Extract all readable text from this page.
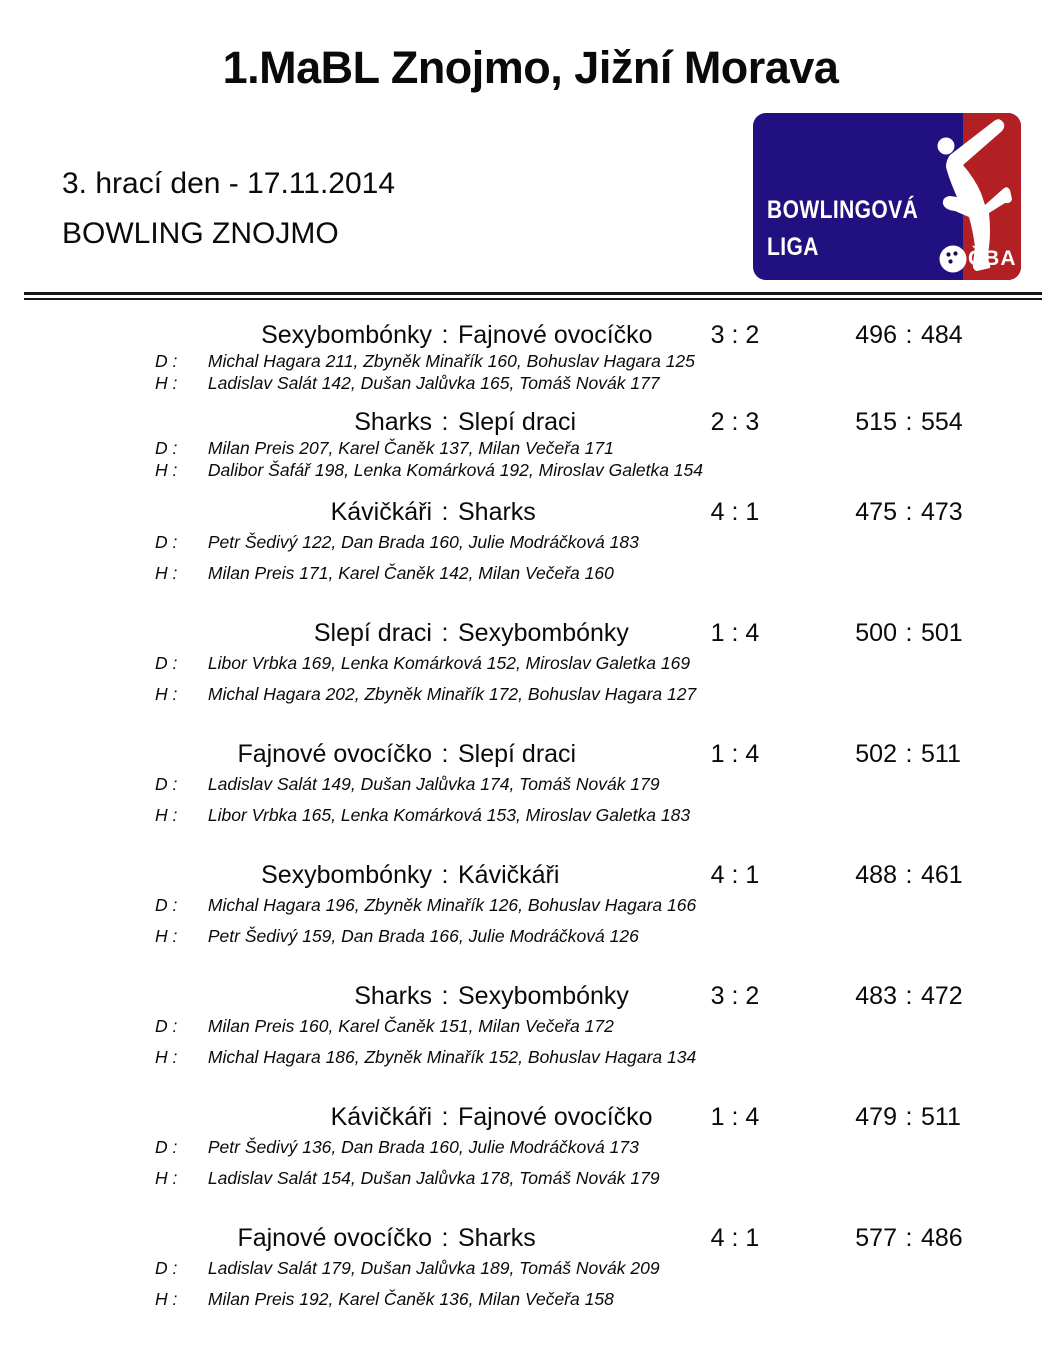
1.MaBL Znojmo, Jižní Morava
BOWLINGOVÁ
LIGA	ČBA
3. hrací den - 17.11.2014
BOWLING ZNOJMO
Sexybombónky : Fajnové ovocíčko	3 : 2	496 : 484
D : Michal Hagara 211, Zbyněk Minařík 160, Bohuslav Hagara 125
H : Ladislav Salát 142, Dušan Jalůvka 165, Tomáš Novák 177
Sharks : Slepí draci	2 : 3	515 : 554
D : Milan Preis 207, Karel Čaněk 137, Milan Večeřa 171
H : Dalibor Šafář 198, Lenka Komárková 192, Miroslav Galetka 154
Kávičkáři : Sharks	4 : 1	475 : 473
D : Petr Šedivý 122, Dan Brada 160, Julie Modráčková 183
H : Milan Preis 171, Karel Čaněk 142, Milan Večeřa 160
Slepí draci : Sexybombónky	1 : 4	500 : 501
D : Libor Vrbka 169, Lenka Komárková 152, Miroslav Galetka 169
H : Michal Hagara 202, Zbyněk Minařík 172, Bohuslav Hagara 127
Fajnové ovocíčko : Slepí draci	1 : 4	502 : 511
D : Ladislav Salát 149, Dušan Jalůvka 174, Tomáš Novák 179
H : Libor Vrbka 165, Lenka Komárková 153, Miroslav Galetka 183
Sexybombónky : Kávičkáři	4 : 1	488 : 461
D : Michal Hagara 196, Zbyněk Minařík 126, Bohuslav Hagara 166
H : Petr Šedivý 159, Dan Brada 166, Julie Modráčková 126
Sharks : Sexybombónky	3 : 2	483 : 472
D : Milan Preis 160, Karel Čaněk 151, Milan Večeřa 172
H : Michal Hagara 186, Zbyněk Minařík 152, Bohuslav Hagara 134
Kávičkáři : Fajnové ovocíčko	1 : 4	479 : 511
D : Petr Šedivý 136, Dan Brada 160, Julie Modráčková 173
H : Ladislav Salát 154, Dušan Jalůvka 178, Tomáš Novák 179
Fajnové ovocíčko : Sharks	4 : 1	577 : 486
D : Ladislav Salát 179, Dušan Jalůvka 189, Tomáš Novák 209
H : Milan Preis 192, Karel Čaněk 136, Milan Večeřa 158
